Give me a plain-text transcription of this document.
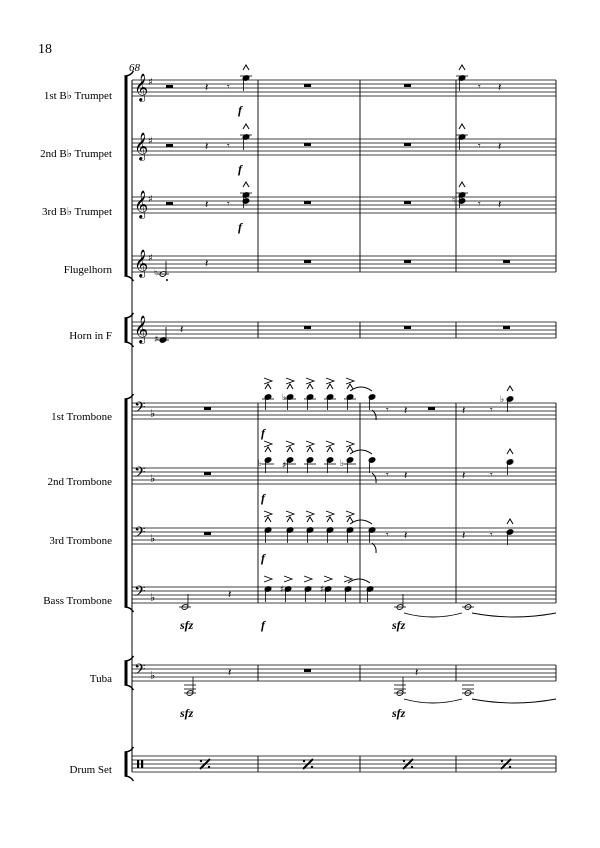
18
68
1st B♭ Trumpet
2nd B♭ Trumpet
3rd B♭ Trumpet
Flugelhorn
Horn in F
1st Trombone
2nd Trombone
3rd Trombone
Bass Trombone
Tuba
Drum Set
𝄞 ♯
𝄞 ♯
𝄞 ♯
𝄞 ♯
𝄞
𝄢 ♭
𝄢 ♭
𝄢 ♭
𝄢 ♭
𝄢 ♭
𝄽 𝄾
f
𝄾 𝄽
𝄽 𝄾
f
𝄾 𝄽
𝄽 𝄾
f
𝄾 𝄽
♮
♮
𝄽
♯
𝄽
𝄾 𝄽	𝄽 𝄾
f
𝄾 𝄽	𝄽 𝄾
f
𝄾 𝄽	𝄽 𝄾
f
♭	♭
♭ ♯	♭
𝄽
sfz
♯	♯
f	sfz
𝄽
sfz
𝄽
sfz
